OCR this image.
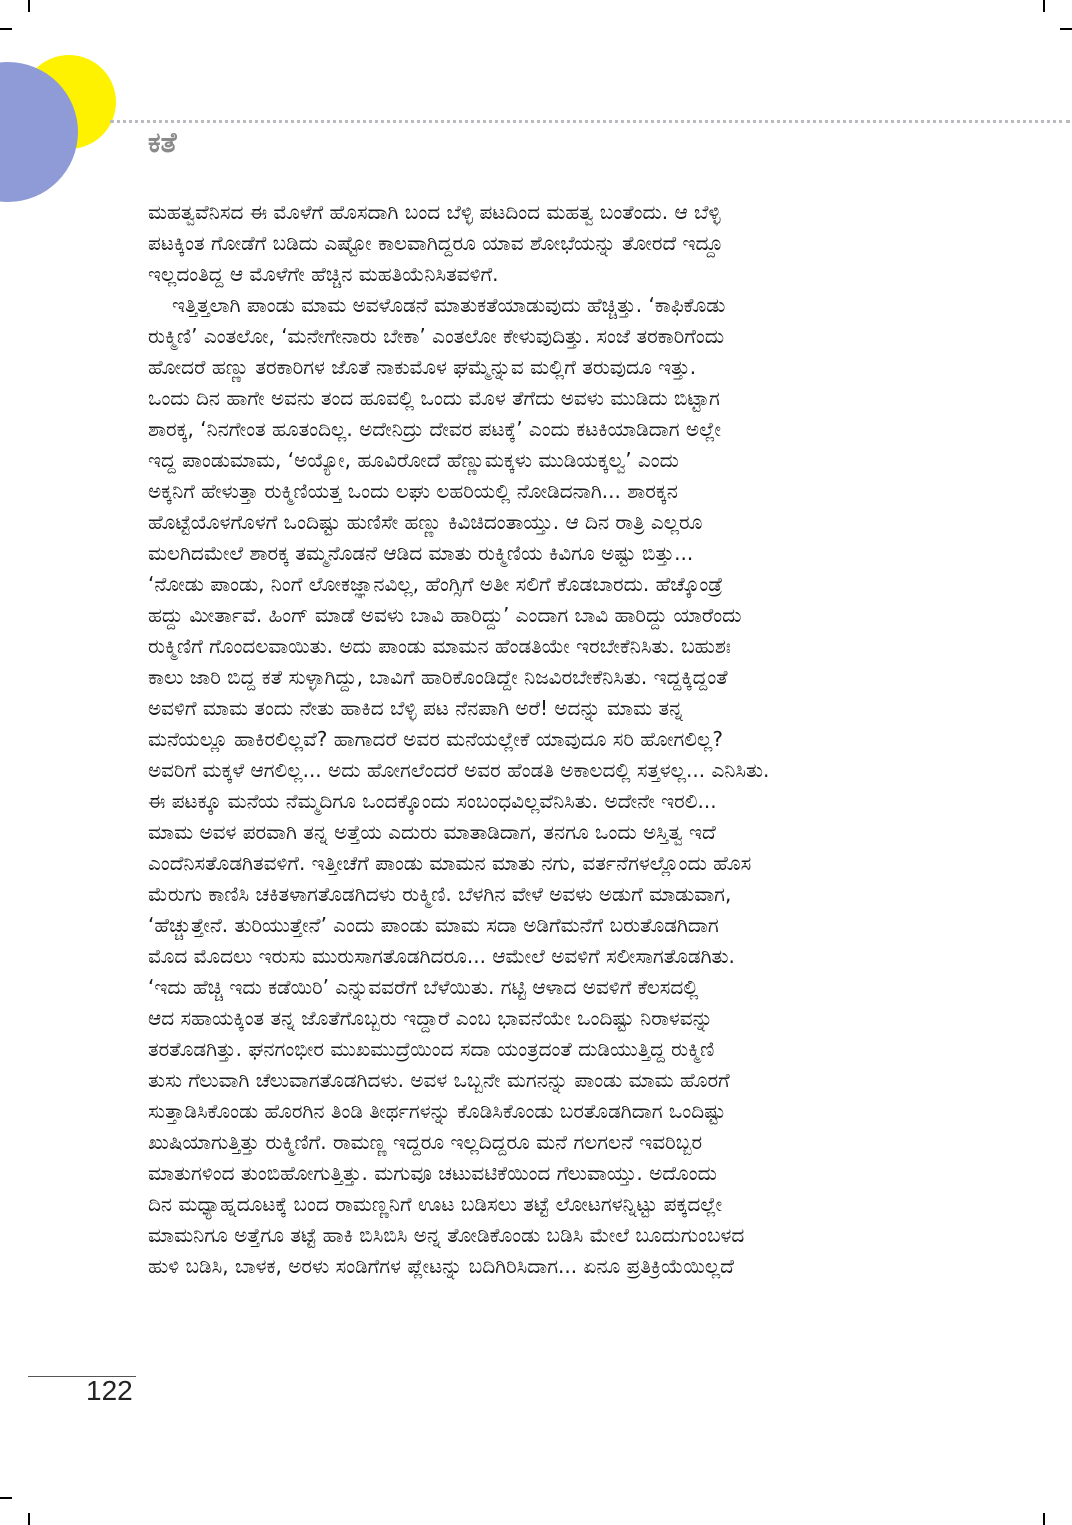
ಕತೆ
ಮಹತ್ವವೆನಿಸದ ಈ ಮೊಳೆಗೆ ಹೊಸದಾಗಿ ಬಂದ ಬೆಳ್ಳಿ ಪಟದಿಂದ ಮಹತ್ವ ಬಂತೆಂದು. ಆ ಬೆಳ್ಳಿ
ಪಟಕ್ಕಿಂತ ಗೋಡೆಗೆ ಬಡಿದು ಎಷ್ಟೋ ಕಾಲವಾಗಿದ್ದರೂ ಯಾವ ಶೋಭೆಯನ್ನು ತೋರದೆ ಇದ್ದೂ
ಇಲ್ಲದಂತಿದ್ದ ಆ ಮೊಳೆಗೇ ಹೆಚ್ಚಿನ ಮಹತಿಯೆನಿಸಿತವಳಿಗೆ.
ಇತ್ತಿತ್ತಲಾಗಿ ಪಾಂಡು ಮಾಮ ಅವಳೊಡನೆ ಮಾತುಕತೆಯಾಡುವುದು ಹೆಚ್ಚಿತ್ತು. ‘ಕಾಫಿಕೊಡು
ರುಕ್ಮಿಣಿ’ ಎಂತಲೋ, ‘ಮನೇಗೇನಾರು ಬೇಕಾ’ ಎಂತಲೋ ಕೇಳುವುದಿತ್ತು. ಸಂಜೆ ತರಕಾರಿಗೆಂದು
ಹೋದರೆ ಹಣ್ಣು ತರಕಾರಿಗಳ ಜೊತೆ ನಾಕುಮೊಳ ಘಮ್ಮೆನ್ನುವ ಮಲ್ಲಿಗೆ ತರುವುದೂ ಇತ್ತು.
ಒಂದು ದಿನ ಹಾಗೇ ಅವನು ತಂದ ಹೂವಲ್ಲಿ ಒಂದು ಮೊಳ ತೆಗೆದು ಅವಳು ಮುಡಿದು ಬಿಟ್ಟಾಗ
ಶಾರಕ್ಕ, ‘ನಿನಗೇಂತ ಹೂತಂದಿಲ್ಲ. ಅದೇನಿದ್ರು ದೇವರ ಪಟಕ್ಕೆ’ ಎಂದು ಕಟಕಿಯಾಡಿದಾಗ ಅಲ್ಲೇ
ಇದ್ದ ಪಾಂಡುಮಾಮ, ‘ಅಯ್ಯೋ, ಹೂವಿರೋದೆ ಹೆಣ್ಣುಮಕ್ಕಳು ಮುಡಿಯಕ್ಕಲ್ವ’ ಎಂದು
ಅಕ್ಕನಿಗೆ ಹೇಳುತ್ತಾ ರುಕ್ಮಿಣಿಯತ್ತ ಒಂದು ಲಘು ಲಹರಿಯಲ್ಲಿ ನೋಡಿದನಾಗಿ... ಶಾರಕ್ಕನ
ಹೊಟ್ಟೆಯೊಳಗೊಳಗೆ ಒಂದಿಷ್ಟು ಹುಣಿಸೇ ಹಣ್ಣು ಕಿವಿಚಿದಂತಾಯ್ತು. ಆ ದಿನ ರಾತ್ರಿ ಎಲ್ಲರೂ
ಮಲಗಿದಮೇಲೆ ಶಾರಕ್ಕ ತಮ್ಮನೊಡನೆ ಆಡಿದ ಮಾತು ರುಕ್ಮಿಣಿಯ ಕಿವಿಗೂ ಅಷ್ಟು ಬಿತ್ತು...
‘ನೋಡು ಪಾಂಡು, ನಿಂಗೆ ಲೋಕಜ್ಞಾನವಿಲ್ಲ, ಹೆಂಗ್ಸಿಗೆ ಅತೀ ಸಲಿಗೆ ಕೊಡಬಾರದು. ಹೆಚ್ಕೊಂಡ್ರೆ
ಹದ್ದು ಮೀರ್ತಾವೆ. ಹಿಂಗ್ ಮಾಡೆ ಅವಳು ಬಾವಿ ಹಾರಿದ್ದು’ ಎಂದಾಗ ಬಾವಿ ಹಾರಿದ್ದು ಯಾರೆಂದು
ರುಕ್ಮಿಣಿಗೆ ಗೊಂದಲವಾಯಿತು. ಅದು ಪಾಂಡು ಮಾಮನ ಹೆಂಡತಿಯೇ ಇರಬೇಕೆನಿಸಿತು. ಬಹುಶಃ
ಕಾಲು ಜಾರಿ ಬಿದ್ದ ಕತೆ ಸುಳ್ಳಾಗಿದ್ದು, ಬಾವಿಗೆ ಹಾರಿಕೊಂಡಿದ್ದೇ ನಿಜವಿರಬೇಕೆನಿಸಿತು. ಇದ್ದಕ್ಕಿದ್ದಂತೆ
ಅವಳಿಗೆ ಮಾಮ ತಂದು ನೇತು ಹಾಕಿದ ಬೆಳ್ಳಿ ಪಟ ನೆನಪಾಗಿ ಅರೆ! ಅದನ್ನು ಮಾಮ ತನ್ನ
ಮನೆಯಲ್ಲೂ ಹಾಕಿರಲಿಲ್ಲವೆ? ಹಾಗಾದರೆ ಅವರ ಮನೆಯಲ್ಲೇಕೆ ಯಾವುದೂ ಸರಿ ಹೋಗಲಿಲ್ಲ?
ಅವರಿಗೆ ಮಕ್ಕಳೆ ಆಗಲಿಲ್ಲ... ಅದು ಹೋಗಲೆಂದರೆ ಅವರ ಹೆಂಡತಿ ಅಕಾಲದಲ್ಲಿ ಸತ್ತಳಲ್ಲ... ಎನಿಸಿತು.
ಈ ಪಟಕ್ಕೂ ಮನೆಯ ನೆಮ್ಮದಿಗೂ ಒಂದಕ್ಕೊಂದು ಸಂಬಂಧವಿಲ್ಲವೆನಿಸಿತು. ಅದೇನೇ ಇರಲಿ...
ಮಾಮ ಅವಳ ಪರವಾಗಿ ತನ್ನ ಅತ್ತೆಯ ಎದುರು ಮಾತಾಡಿದಾಗ, ತನಗೂ ಒಂದು ಅಸ್ತಿತ್ವ ಇದೆ
ಎಂದೆನಿಸತೊಡಗಿತವಳಿಗೆ. ಇತ್ತೀಚೆಗೆ ಪಾಂಡು ಮಾಮನ ಮಾತು ನಗು, ವರ್ತನೆಗಳಲ್ಲೊಂದು ಹೊಸ
ಮೆರುಗು ಕಾಣಿಸಿ ಚಕಿತಳಾಗತೊಡಗಿದಳು ರುಕ್ಮಿಣಿ. ಬೆಳಗಿನ ವೇಳೆ ಅವಳು ಅಡುಗೆ ಮಾಡುವಾಗ,
‘ಹೆಚ್ಚುತ್ತೇನೆ. ತುರಿಯುತ್ತೇನೆ’ ಎಂದು ಪಾಂಡು ಮಾಮ ಸದಾ ಅಡಿಗೆಮನೆಗೆ ಬರುತೊಡಗಿದಾಗ
ಮೊದ ಮೊದಲು ಇರುಸು ಮುರುಸಾಗತೊಡಗಿದರೂ... ಆಮೇಲೆ ಅವಳಿಗೆ ಸಲೀಸಾಗತೊಡಗಿತು.
‘ಇದು ಹೆಚ್ಚಿ ಇದು ಕಡೆಯಿರಿ’ ಎನ್ನುವವರೆಗೆ ಬೆಳೆಯಿತು. ಗಟ್ಟಿ ಆಳಾದ ಅವಳಿಗೆ ಕೆಲಸದಲ್ಲಿ
ಆದ ಸಹಾಯಕ್ಕಿಂತ ತನ್ನ ಜೊತೆಗೊಬ್ಬರು ಇದ್ದಾರೆ ಎಂಬ ಭಾವನೆಯೇ ಒಂದಿಷ್ಟು ನಿರಾಳವನ್ನು
ತರತೊಡಗಿತ್ತು. ಘನಗಂಭೀರ ಮುಖಮುದ್ರೆಯಿಂದ ಸದಾ ಯಂತ್ರದಂತೆ ದುಡಿಯುತ್ತಿದ್ದ ರುಕ್ಮಿಣಿ
ತುಸು ಗೆಲುವಾಗಿ ಚೆಲುವಾಗತೊಡಗಿದಳು. ಅವಳ ಒಬ್ಬನೇ ಮಗನನ್ನು ಪಾಂಡು ಮಾಮ ಹೊರಗೆ
ಸುತ್ತಾಡಿಸಿಕೊಂಡು ಹೊರಗಿನ ತಿಂಡಿ ತೀರ್ಥಗಳನ್ನು ಕೊಡಿಸಿಕೊಂಡು ಬರತೊಡಗಿದಾಗ ಒಂದಿಷ್ಟು
ಖುಷಿಯಾಗುತ್ತಿತ್ತು ರುಕ್ಮಿಣಿಗೆ. ರಾಮಣ್ಣ ಇದ್ದರೂ ಇಲ್ಲದಿದ್ದರೂ ಮನೆ ಗಲಗಲನೆ ಇವರಿಬ್ಬರ
ಮಾತುಗಳಿಂದ ತುಂಬಿಹೋಗುತ್ತಿತ್ತು. ಮಗುವೂ ಚಟುವಟಿಕೆಯಿಂದ ಗೆಲುವಾಯ್ತು. ಅದೊಂದು
ದಿನ ಮಧ್ಯಾಹ್ನದೂಟಕ್ಕೆ ಬಂದ ರಾಮಣ್ಣನಿಗೆ ಊಟ ಬಡಿಸಲು ತಟ್ಟೆ ಲೋಟಗಳನ್ನಿಟ್ಟು ಪಕ್ಕದಲ್ಲೇ
ಮಾಮನಿಗೂ ಅತ್ತೆಗೂ ತಟ್ಟೆ ಹಾಕಿ ಬಿಸಿಬಿಸಿ ಅನ್ನ ತೋಡಿಕೊಂಡು ಬಡಿಸಿ ಮೇಲೆ ಬೂದುಗುಂಬಳದ
ಹುಳಿ ಬಡಿಸಿ, ಬಾಳಕ, ಅರಳು ಸಂಡಿಗೆಗಳ ಪ್ಲೇಟನ್ನು ಬದಿಗಿರಿಸಿದಾಗ... ಏನೂ ಪ್ರತಿಕ್ರಿಯೆಯಿಲ್ಲದೆ
122
